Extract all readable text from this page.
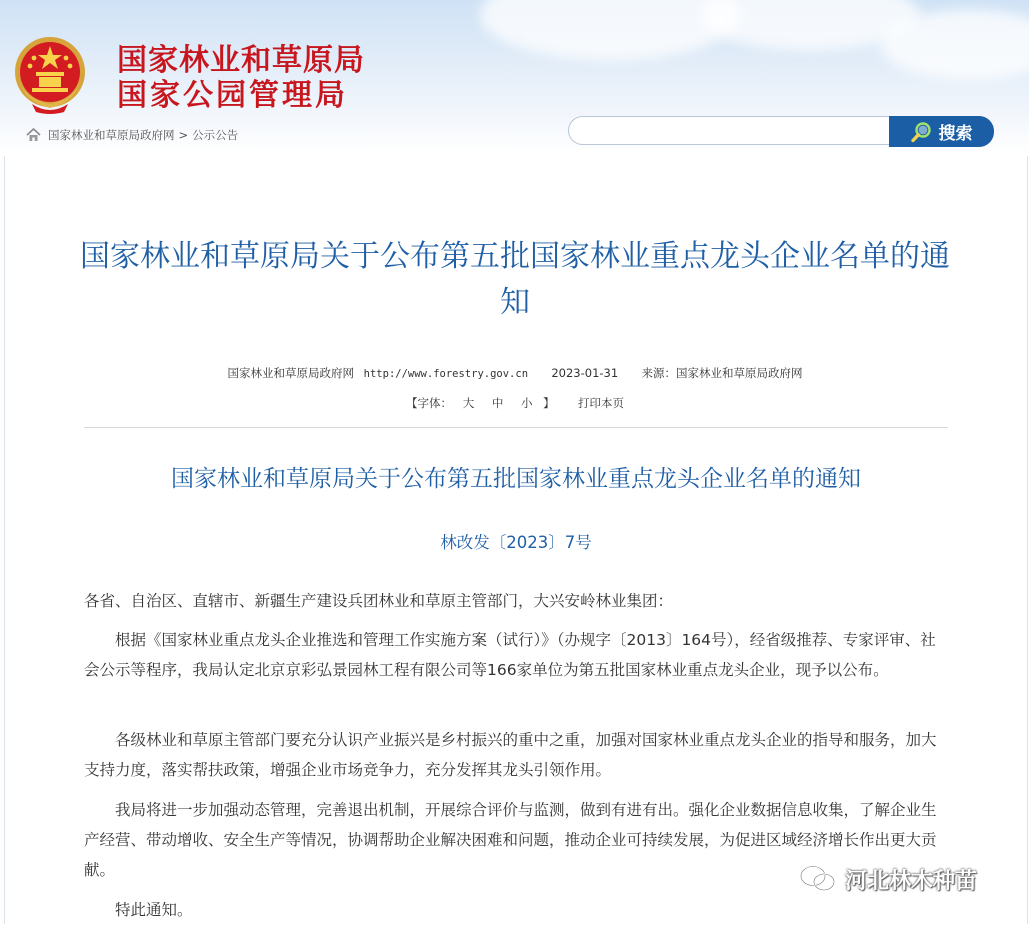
国家林业和草原局
国家公园管理局
国家林业和草原局政府网 > 公示公告	搜索
国家林业和草原局关于公布第五批国家林业重点龙头企业名单的通知
国家林业和草原局政府网 http://www.forestry.gov.cn 2023-01-31 来源：国家林业和草原局政府网
【字体： 大 中 小 】 打印本页
国家林业和草原局关于公布第五批国家林业重点龙头企业名单的通知
林改发〔2023〕7号
各省、自治区、直辖市、新疆生产建设兵团林业和草原主管部门，大兴安岭林业集团：
根据《国家林业重点龙头企业推选和管理工作实施方案（试行）》（办规字〔2013〕164号），经省级推荐、专家评审、社会公示等程序，我局认定北京京彩弘景园林工程有限公司等166家单位为第五批国家林业重点龙头企业，现予以公布。
各级林业和草原主管部门要充分认识产业振兴是乡村振兴的重中之重，加强对国家林业重点龙头企业的指导和服务，加大支持力度，落实帮扶政策，增强企业市场竞争力，充分发挥其龙头引领作用。
我局将进一步加强动态管理，完善退出机制，开展综合评价与监测，做到有进有出。强化企业数据信息收集，了解企业生产经营、带动增收、安全生产等情况，协调帮助企业解决困难和问题，推动企业可持续发展，为促进区域经济增长作出更大贡献。
特此通知。
河北林木种苗
